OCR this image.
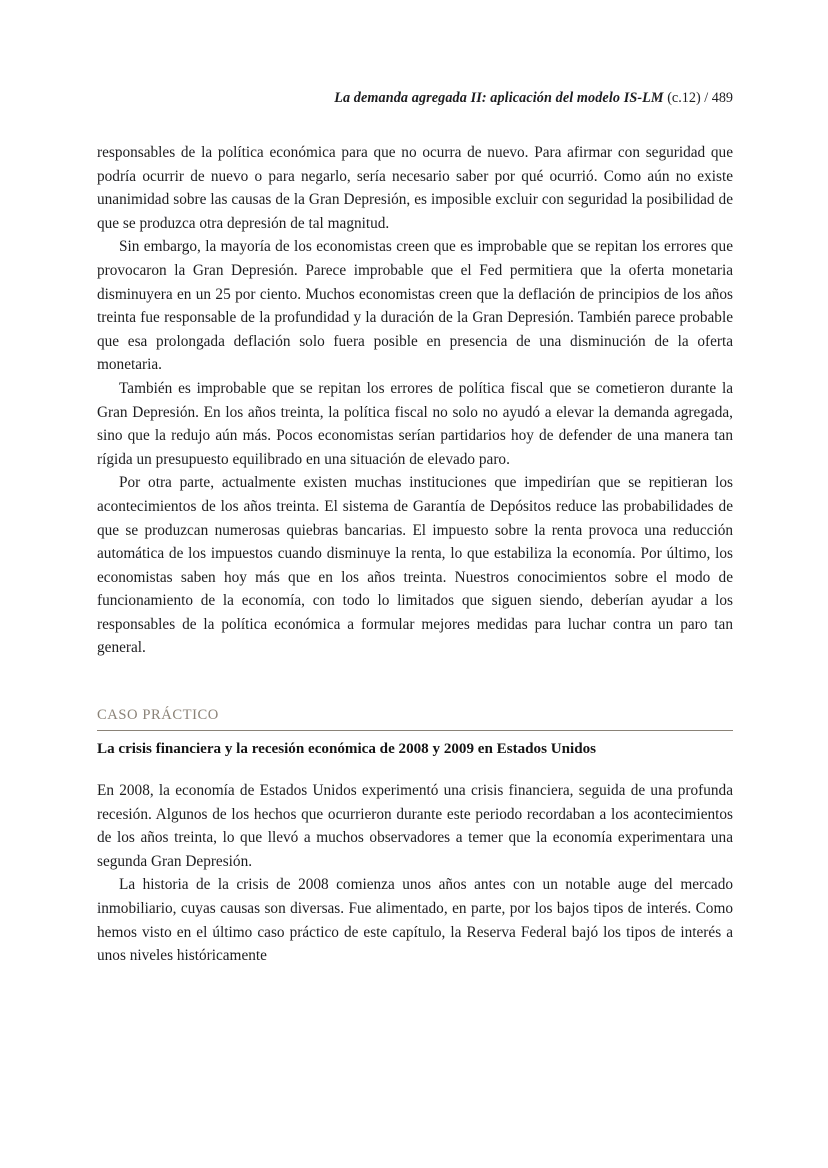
La demanda agregada II: aplicación del modelo IS-LM (c.12) / 489

responsables de la política económica para que no ocurra de nuevo. Para afirmar con seguridad que podría ocurrir de nuevo o para negarlo, sería necesario saber por qué ocurrió. Como aún no existe unanimidad sobre las causas de la Gran Depresión, es imposible excluir con seguridad la posibilidad de que se produzca otra depresión de tal magnitud.

Sin embargo, la mayoría de los economistas creen que es improbable que se repitan los errores que provocaron la Gran Depresión. Parece improbable que el Fed permitiera que la oferta monetaria disminuyera en un 25 por ciento. Muchos economistas creen que la deflación de principios de los años treinta fue responsable de la profundidad y la duración de la Gran Depresión. También parece probable que esa prolongada deflación solo fuera posible en presencia de una disminución de la oferta monetaria.

También es improbable que se repitan los errores de política fiscal que se cometieron durante la Gran Depresión. En los años treinta, la política fiscal no solo no ayudó a elevar la demanda agregada, sino que la redujo aún más. Pocos economistas serían partidarios hoy de defender de una manera tan rígida un presupuesto equilibrado en una situación de elevado paro.

Por otra parte, actualmente existen muchas instituciones que impedirían que se repitieran los acontecimientos de los años treinta. El sistema de Garantía de Depósitos reduce las probabilidades de que se produzcan numerosas quiebras bancarias. El impuesto sobre la renta provoca una reducción automática de los impuestos cuando disminuye la renta, lo que estabiliza la economía. Por último, los economistas saben hoy más que en los años treinta. Nuestros conocimientos sobre el modo de funcionamiento de la economía, con todo lo limitados que siguen siendo, deberían ayudar a los responsables de la política económica a formular mejores medidas para luchar contra un paro tan general.

CASO PRÁCTICO
La crisis financiera y la recesión económica de 2008 y 2009 en Estados Unidos

En 2008, la economía de Estados Unidos experimentó una crisis financiera, seguida de una profunda recesión. Algunos de los hechos que ocurrieron durante este periodo recordaban a los acontecimientos de los años treinta, lo que llevó a muchos observadores a temer que la economía experimentara una segunda Gran Depresión.

La historia de la crisis de 2008 comienza unos años antes con un notable auge del mercado inmobiliario, cuyas causas son diversas. Fue alimentado, en parte, por los bajos tipos de interés. Como hemos visto en el último caso práctico de este capítulo, la Reserva Federal bajó los tipos de interés a unos niveles históricamente
